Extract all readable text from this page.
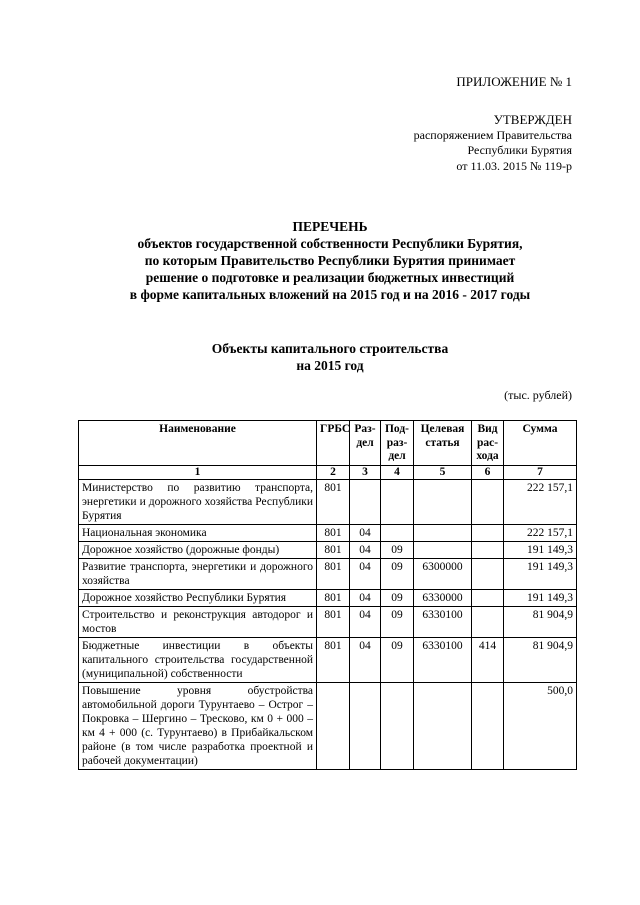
ПРИЛОЖЕНИЕ № 1
УТВЕРЖДЕН
распоряжением Правительства
Республики Бурятия
от 11.03. 2015 № 119-р
ПЕРЕЧЕНЬ
объектов государственной собственности Республики Бурятия,
по которым Правительство Республики Бурятия принимает
решение о подготовке и реализации бюджетных инвестиций
в форме капитальных вложений на 2015 год и на 2016 - 2017 годы
Объекты капитального строительства
на 2015 год
(тыс. рублей)
Наименование	ГРБС	Раз-дел	Под-раз-дел	Целевая статья	Вид рас-хода	Сумма
1	2	3	4	5	6	7
Министерство по развитию транспорта, энергетики и дорожного хозяйства Республики Бурятия	801					222 157,1
Национальная экономика	801	04				222 157,1
Дорожное хозяйство (дорожные фонды)	801	04	09			191 149,3
Развитие транспорта, энергетики и дорожного хозяйства	801	04	09	6300000		191 149,3
Дорожное хозяйство Республики Бурятия	801	04	09	6330000		191 149,3
Строительство и реконструкция автодорог и мостов	801	04	09	6330100		81 904,9
Бюджетные инвестиции в объекты капитального строительства государственной (муниципальной) собственности	801	04	09	6330100	414	81 904,9
Повышение уровня обустройства автомобильной дороги Турунтаево – Острог – Покровка – Шергино – Тресково, км 0 + 000 – км 4 + 000 (с. Турунтаево) в Прибайкальском районе (в том числе разработка проектной и рабочей документации)						500,0
